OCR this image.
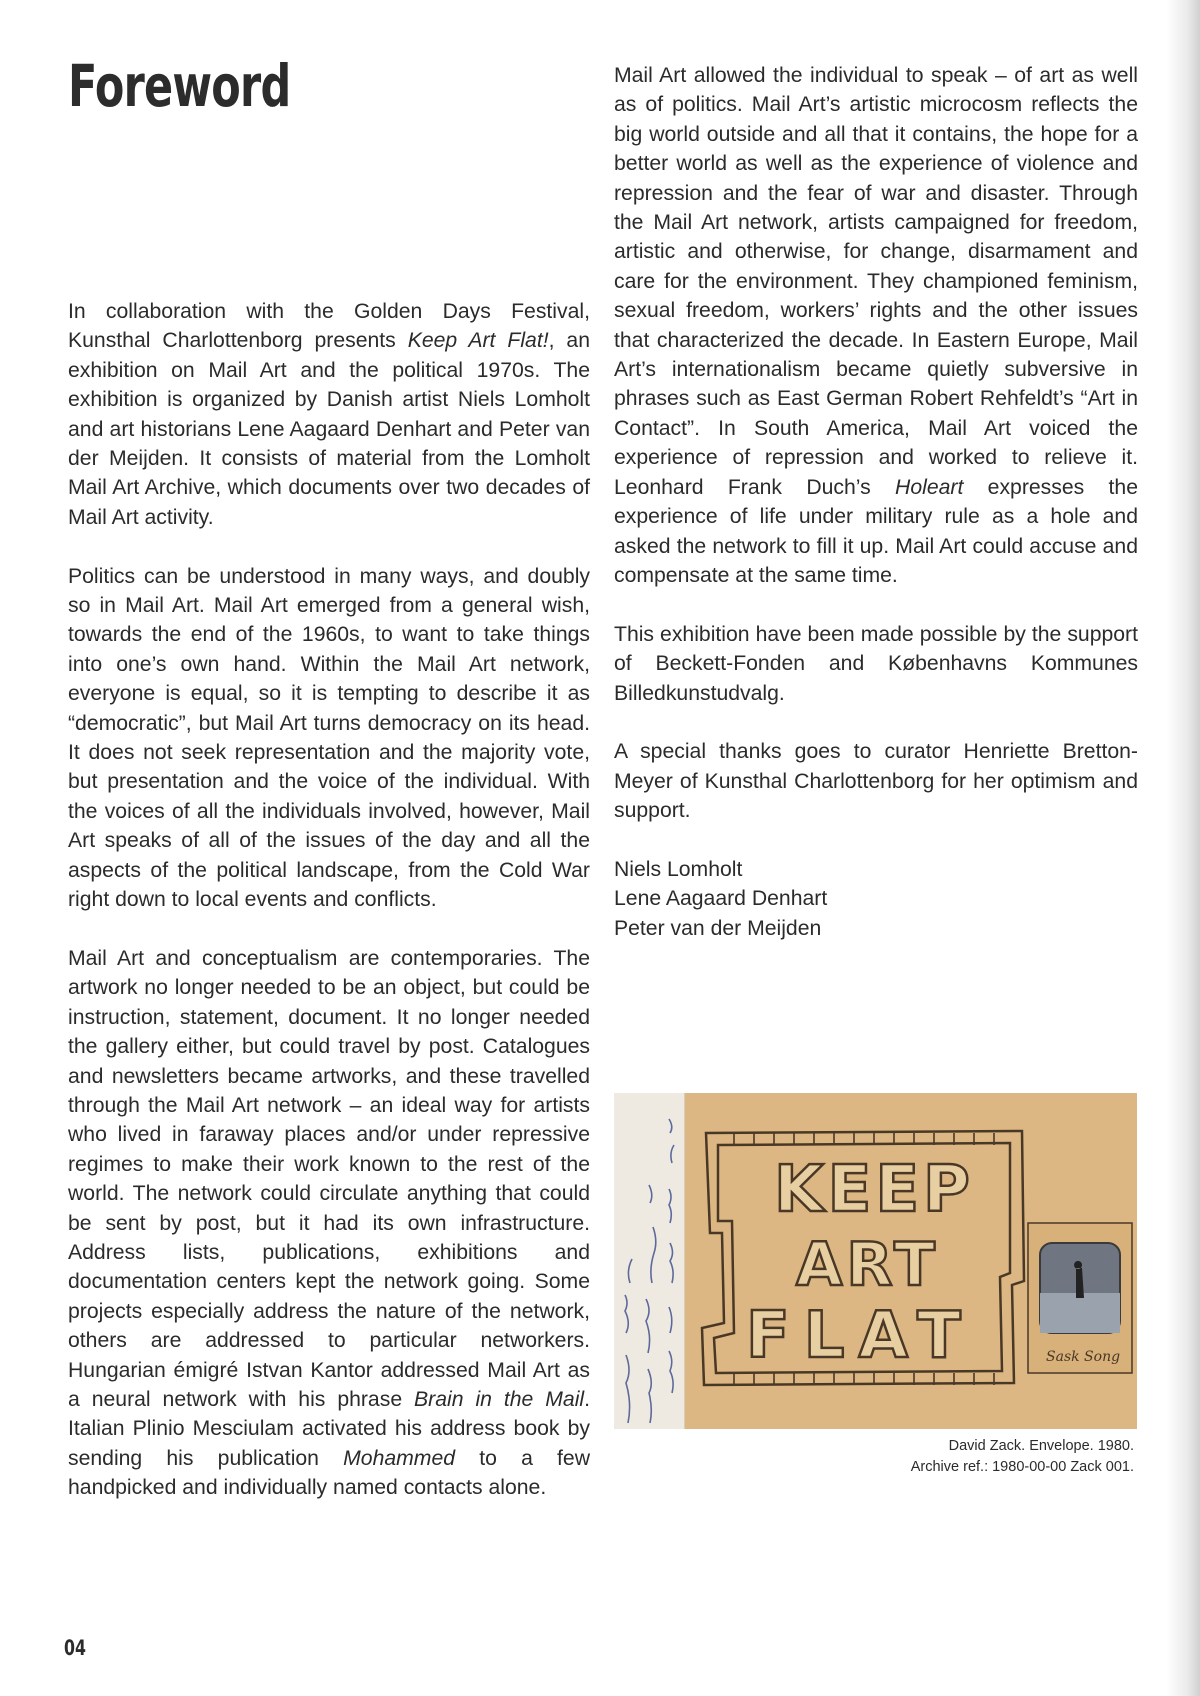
Foreword

In collaboration with the Golden Days Festival, Kunsthal Charlottenborg presents Keep Art Flat!, an exhibition on Mail Art and the political 1970s. The exhibition is organized by Danish artist Niels Lomholt and art historians Lene Aagaard Denhart and Peter van der Meijden. It consists of material from the Lomholt Mail Art Archive, which documents over two decades of Mail Art activity.

Politics can be understood in many ways, and doubly so in Mail Art. Mail Art emerged from a general wish, towards the end of the 1960s, to want to take things into one’s own hand. Within the Mail Art network, everyone is equal, so it is tempting to describe it as “democratic”, but Mail Art turns democracy on its head. It does not seek representation and the majority vote, but presentation and the voice of the individual. With the voices of all the individuals involved, however, Mail Art speaks of all of the issues of the day and all the aspects of the political landscape, from the Cold War right down to local events and conflicts.

Mail Art and conceptualism are contemporaries. The artwork no longer needed to be an object, but could be instruction, statement, document. It no longer needed the gallery either, but could travel by post. Catalogues and newsletters became artworks, and these travelled through the Mail Art network – an ideal way for artists who lived in faraway places and/or under repressive regimes to make their work known to the rest of the world. The network could circulate anything that could be sent by post, but it had its own infrastructure. Address lists, publications, exhibitions and documentation centers kept the network going. Some projects especially address the nature of the network, others are addressed to particular networkers. Hungarian émigré Istvan Kantor addressed Mail Art as a neural network with his phrase Brain in the Mail. Italian Plinio Mesciulam activated his address book by sending his publication Mohammed to a few handpicked and individually named contacts alone.

Mail Art allowed the individual to speak – of art as well as of politics. Mail Art’s artistic microcosm reflects the big world outside and all that it contains, the hope for a better world as well as the experience of violence and repression and the fear of war and disaster. Through the Mail Art network, artists campaigned for freedom, artistic and otherwise, for change, disarmament and care for the environment. They championed feminism, sexual freedom, workers’ rights and the other issues that characterized the decade. In Eastern Europe, Mail Art’s internationalism became quietly subversive in phrases such as East German Robert Rehfeldt’s “Art in Contact”. In South America, Mail Art voiced the experience of repression and worked to relieve it. Leonhard Frank Duch’s Holeart expresses the experience of life under military rule as a hole and asked the network to fill it up. Mail Art could accuse and compensate at the same time.

This exhibition have been made possible by the support of Beckett-Fonden and Københavns Kommunes Billedkunstudvalg.

A special thanks goes to curator Henriette Bretton-Meyer of Kunsthal Charlottenborg for her optimism and support.

Niels Lomholt
Lene Aagaard Denhart
Peter van der Meijden
KEEP
ART
FLAT	Sask Song
David Zack. Envelope. 1980.
Archive ref.: 1980-00-00 Zack 001.
04
